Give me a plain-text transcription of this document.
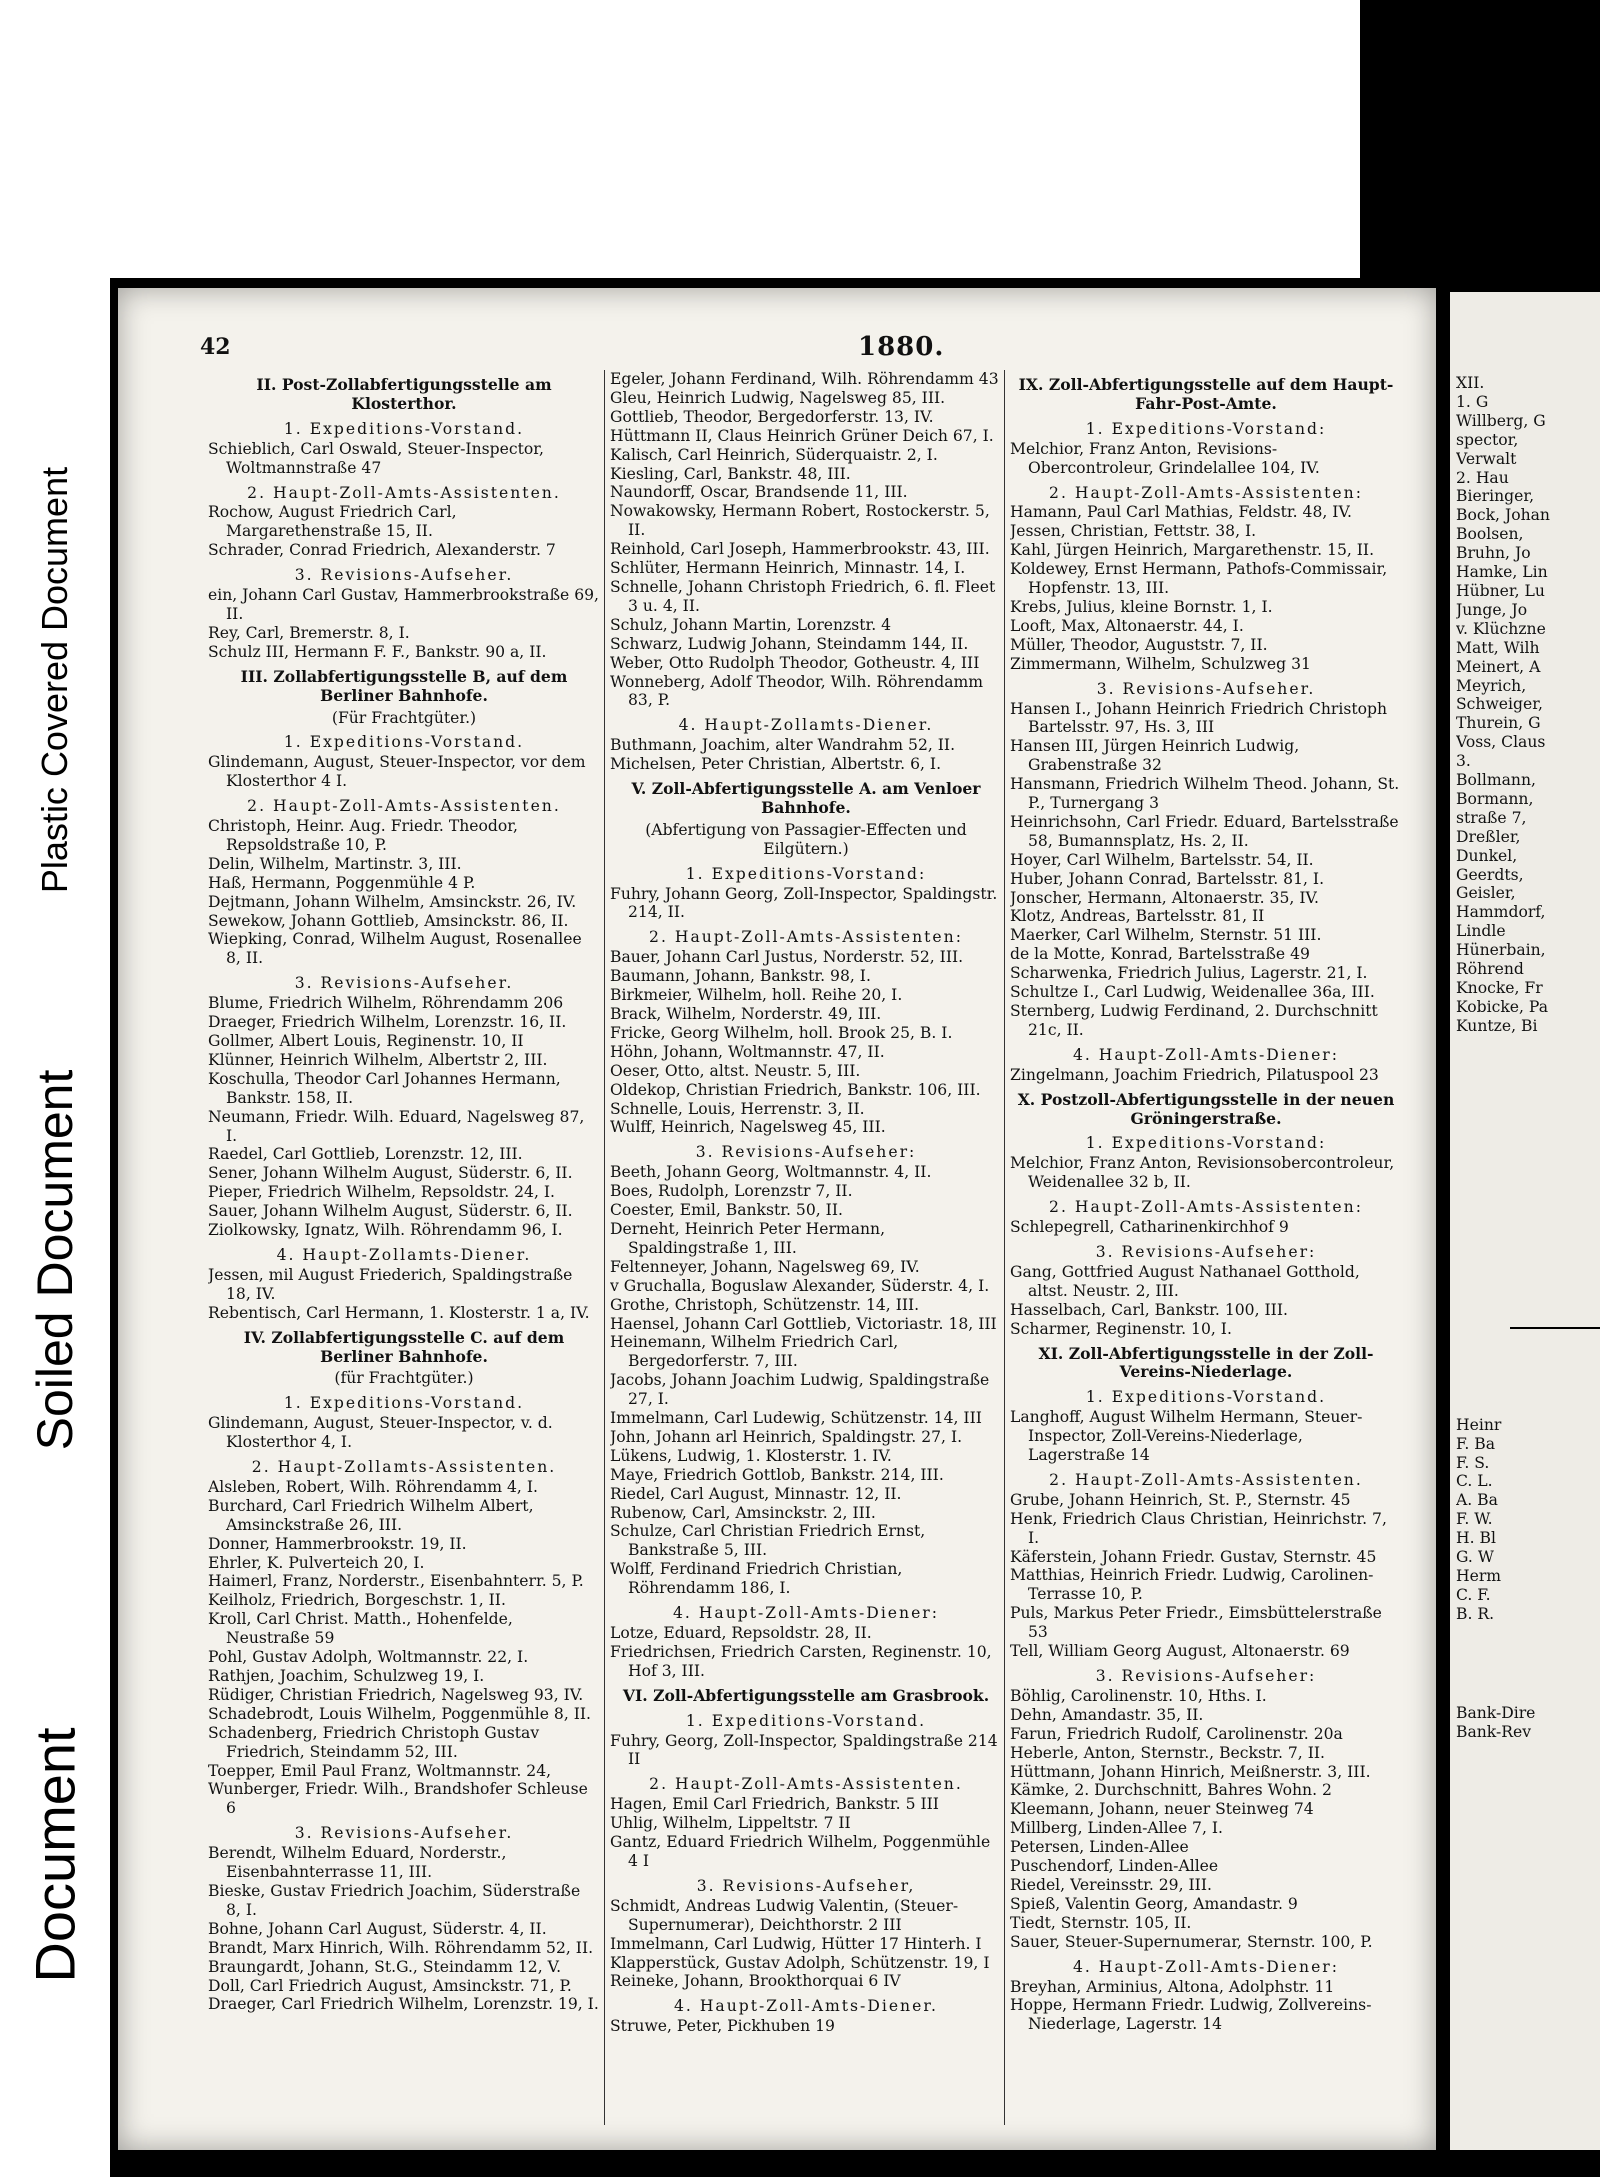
Plastic Covered Document
Soiled Document
Document
42	1880.
II. Post-Zollabfertigungsstelle am Klosterthor.
1. Expeditions-Vorstand.
Schieblich, Carl Oswald, Steuer-Inspector, Woltmannstraße 47
2. Haupt-Zoll-Amts-Assistenten.
Rochow, August Friedrich Carl, Margarethenstraße 15, II.
Schrader, Conrad Friedrich, Alexanderstr. 7
3. Revisions-Aufseher.
ein, Johann Carl Gustav, Hammerbrookstraße 69, II.
Rey, Carl, Bremerstr. 8, I.
Schulz III, Hermann F. F., Bankstr. 90 a, II.
III. Zollabfertigungsstelle B, auf dem Berliner Bahnhofe.
(Für Frachtgüter.)
1. Expeditions-Vorstand.
Glindemann, August, Steuer-Inspector, vor dem Klosterthor 4 I.
2. Haupt-Zoll-Amts-Assistenten.
Christoph, Heinr. Aug. Friedr. Theodor, Repsoldstraße 10, P.
Delin, Wilhelm, Martinstr. 3, III.
Haß, Hermann, Poggenmühle 4 P.
Dejtmann, Johann Wilhelm, Amsinckstr. 26, IV.
Sewekow, Johann Gottlieb, Amsinckstr. 86, II.
Wiepking, Conrad, Wilhelm August, Rosenallee 8, II.
3. Revisions-Aufseher.
Blume, Friedrich Wilhelm, Röhrendamm 206
Draeger, Friedrich Wilhelm, Lorenzstr. 16, II.
Gollmer, Albert Louis, Reginenstr. 10, II
Klünner, Heinrich Wilhelm, Albertstr 2, III.
Koschulla, Theodor Carl Johannes Hermann, Bankstr. 158, II.
Neumann, Friedr. Wilh. Eduard, Nagelsweg 87, I.
Raedel, Carl Gottlieb, Lorenzstr. 12, III.
Sener, Johann Wilhelm August, Süderstr. 6, II.
Pieper, Friedrich Wilhelm, Repsoldstr. 24, I.
Sauer, Johann Wilhelm August, Süderstr. 6, II.
Ziolkowsky, Ignatz, Wilh. Röhrendamm 96, I.
4. Haupt-Zollamts-Diener.
Jessen, mil August Friederich, Spaldingstraße 18, IV.
Rebentisch, Carl Hermann, 1. Klosterstr. 1 a, IV.
IV. Zollabfertigungsstelle C. auf dem Berliner Bahnhofe.
(für Frachtgüter.)
1. Expeditions-Vorstand.
Glindemann, August, Steuer-Inspector, v. d. Klosterthor 4, I.
2. Haupt-Zollamts-Assistenten.
Alsleben, Robert, Wilh. Röhrendamm 4, I.
Burchard, Carl Friedrich Wilhelm Albert, Amsinckstraße 26, III.
Donner, Hammerbrookstr. 19, II.
Ehrler, K. Pulverteich 20, I.
Haimerl, Franz, Norderstr., Eisenbahnterr. 5, P.
Keilholz, Friedrich, Borgeschstr. 1, II.
Kroll, Carl Christ. Matth., Hohenfelde, Neustraße 59
Pohl, Gustav Adolph, Woltmannstr. 22, I.
Rathjen, Joachim, Schulzweg 19, I.
Rüdiger, Christian Friedrich, Nagelsweg 93, IV.
Schadebrodt, Louis Wilhelm, Poggenmühle 8, II.
Schadenberg, Friedrich Christoph Gustav Friedrich, Steindamm 52, III.
Toepper, Emil Paul Franz, Woltmannstr. 24,
Wunberger, Friedr. Wilh., Brandshofer Schleuse 6
3. Revisions-Aufseher.
Berendt, Wilhelm Eduard, Norderstr., Eisenbahnterrasse 11, III.
Bieske, Gustav Friedrich Joachim, Süderstraße 8, I.
Bohne, Johann Carl August, Süderstr. 4, II.
Brandt, Marx Hinrich, Wilh. Röhrendamm 52, II.
Braungardt, Johann, St.G., Steindamm 12, V.
Doll, Carl Friedrich August, Amsinckstr. 71, P.
Draeger, Carl Friedrich Wilhelm, Lorenzstr. 19, I.
Egeler, Johann Ferdinand, Wilh. Röhrendamm 43
Gleu, Heinrich Ludwig, Nagelsweg 85, III.
Gottlieb, Theodor, Bergedorferstr. 13, IV.
Hüttmann II, Claus Heinrich Grüner Deich 67, I.
Kalisch, Carl Heinrich, Süderquaistr. 2, I.
Kiesling, Carl, Bankstr. 48, III.
Naundorff, Oscar, Brandsende 11, III.
Nowakowsky, Hermann Robert, Rostockerstr. 5, II.
Reinhold, Carl Joseph, Hammerbrookstr. 43, III.
Schlüter, Hermann Heinrich, Minnastr. 14, I.
Schnelle, Johann Christoph Friedrich, 6. fl. Fleet 3 u. 4, II.
Schulz, Johann Martin, Lorenzstr. 4
Schwarz, Ludwig Johann, Steindamm 144, II.
Weber, Otto Rudolph Theodor, Gotheustr. 4, III
Wonneberg, Adolf Theodor, Wilh. Röhrendamm 83, P.
4. Haupt-Zollamts-Diener.
Buthmann, Joachim, alter Wandrahm 52, II.
Michelsen, Peter Christian, Albertstr. 6, I.
V. Zoll-Abfertigungsstelle A. am Venloer Bahnhofe.
(Abfertigung von Passagier-Effecten und Eilgütern.)
1. Expeditions-Vorstand:
Fuhry, Johann Georg, Zoll-Inspector, Spaldingstr. 214, II.
2. Haupt-Zoll-Amts-Assistenten:
Bauer, Johann Carl Justus, Norderstr. 52, III.
Baumann, Johann, Bankstr. 98, I.
Birkmeier, Wilhelm, holl. Reihe 20, I.
Brack, Wilhelm, Norderstr. 49, III.
Fricke, Georg Wilhelm, holl. Brook 25, B. I.
Höhn, Johann, Woltmannstr. 47, II.
Oeser, Otto, altst. Neustr. 5, III.
Oldekop, Christian Friedrich, Bankstr. 106, III.
Schnelle, Louis, Herrenstr. 3, II.
Wulff, Heinrich, Nagelsweg 45, III.
3. Revisions-Aufseher:
Beeth, Johann Georg, Woltmannstr. 4, II.
Boes, Rudolph, Lorenzstr 7, II.
Coester, Emil, Bankstr. 50, II.
Derneht, Heinrich Peter Hermann, Spaldingstraße 1, III.
Feltenneyer, Johann, Nagelsweg 69, IV.
v Gruchalla, Boguslaw Alexander, Süderstr. 4, I.
Grothe, Christoph, Schützenstr. 14, III.
Haensel, Johann Carl Gottlieb, Victoriastr. 18, III
Heinemann, Wilhelm Friedrich Carl, Bergedorferstr. 7, III.
Jacobs, Johann Joachim Ludwig, Spaldingstraße 27, I.
Immelmann, Carl Ludewig, Schützenstr. 14, III
John, Johann arl Heinrich, Spaldingstr. 27, I.
Lükens, Ludwig, 1. Klosterstr. 1. IV.
Maye, Friedrich Gottlob, Bankstr. 214, III.
Riedel, Carl August, Minnastr. 12, II.
Rubenow, Carl, Amsinckstr. 2, III.
Schulze, Carl Christian Friedrich Ernst, Bankstraße 5, III.
Wolff, Ferdinand Friedrich Christian, Röhrendamm 186, I.
4. Haupt-Zoll-Amts-Diener:
Lotze, Eduard, Repsoldstr. 28, II.
Friedrichsen, Friedrich Carsten, Reginenstr. 10, Hof 3, III.
VI. Zoll-Abfertigungsstelle am Grasbrook.
1. Expeditions-Vorstand.
Fuhry, Georg, Zoll-Inspector, Spaldingstraße 214 II
2. Haupt-Zoll-Amts-Assistenten.
Hagen, Emil Carl Friedrich, Bankstr. 5 III
Uhlig, Wilhelm, Lippeltstr. 7 II
Gantz, Eduard Friedrich Wilhelm, Poggenmühle 4 I
3. Revisions-Aufseher,
Schmidt, Andreas Ludwig Valentin, (Steuer-Supernumerar), Deichthorstr. 2 III
Immelmann, Carl Ludwig, Hütter 17 Hinterh. I
Klapperstück, Gustav Adolph, Schützenstr. 19, I
Reineke, Johann, Brookthorquai 6 IV
4. Haupt-Zoll-Amts-Diener.
Struwe, Peter, Pickhuben 19
IX. Zoll-Abfertigungsstelle auf dem Haupt-Fahr-Post-Amte.
1. Expeditions-Vorstand:
Melchior, Franz Anton, Revisions-Obercontroleur, Grindelallee 104, IV.
2. Haupt-Zoll-Amts-Assistenten:
Hamann, Paul Carl Mathias, Feldstr. 48, IV.
Jessen, Christian, Fettstr. 38, I.
Kahl, Jürgen Heinrich, Margarethenstr. 15, II.
Koldewey, Ernst Hermann, Pathofs-Commissair, Hopfenstr. 13, III.
Krebs, Julius, kleine Bornstr. 1, I.
Looft, Max, Altonaerstr. 44, I.
Müller, Theodor, Auguststr. 7, II.
Zimmermann, Wilhelm, Schulzweg 31
3. Revisions-Aufseher.
Hansen I., Johann Heinrich Friedrich Christoph Bartelsstr. 97, Hs. 3, III
Hansen III, Jürgen Heinrich Ludwig, Grabenstraße 32
Hansmann, Friedrich Wilhelm Theod. Johann, St. P., Turnergang 3
Heinrichsohn, Carl Friedr. Eduard, Bartelsstraße 58, Bumannsplatz, Hs. 2, II.
Hoyer, Carl Wilhelm, Bartelsstr. 54, II.
Huber, Johann Conrad, Bartelsstr. 81, I.
Jonscher, Hermann, Altonaerstr. 35, IV.
Klotz, Andreas, Bartelsstr. 81, II
Maerker, Carl Wilhelm, Sternstr. 51 III.
de la Motte, Konrad, Bartelsstraße 49
Scharwenka, Friedrich Julius, Lagerstr. 21, I.
Schultze I., Carl Ludwig, Weidenallee 36a, III.
Sternberg, Ludwig Ferdinand, 2. Durchschnitt 21c, II.
4. Haupt-Zoll-Amts-Diener:
Zingelmann, Joachim Friedrich, Pilatuspool 23
X. Postzoll-Abfertigungsstelle in der neuen Gröningerstraße.
1. Expeditions-Vorstand:
Melchior, Franz Anton, Revisionsobercontroleur, Weidenallee 32 b, II.
2. Haupt-Zoll-Amts-Assistenten:
Schlepegrell, Catharinenkirchhof 9
3. Revisions-Aufseher:
Gang, Gottfried August Nathanael Gotthold, altst. Neustr. 2, III.
Hasselbach, Carl, Bankstr. 100, III.
Scharmer, Reginenstr. 10, I.
XI. Zoll-Abfertigungsstelle in der Zoll-Vereins-Niederlage.
1. Expeditions-Vorstand.
Langhoff, August Wilhelm Hermann, Steuer-Inspector, Zoll-Vereins-Niederlage, Lagerstraße 14
2. Haupt-Zoll-Amts-Assistenten.
Grube, Johann Heinrich, St. P., Sternstr. 45
Henk, Friedrich Claus Christian, Heinrichstr. 7, I.
Käferstein, Johann Friedr. Gustav, Sternstr. 45
Matthias, Heinrich Friedr. Ludwig, Carolinen-Terrasse 10, P.
Puls, Markus Peter Friedr., Eimsbüttelerstraße 53
Tell, William Georg August, Altonaerstr. 69
3. Revisions-Aufseher:
Böhlig, Carolinenstr. 10, Hths. I.
Dehn, Amandastr. 35, II.
Farun, Friedrich Rudolf, Carolinenstr. 20a
Heberle, Anton, Sternstr., Beckstr. 7, II.
Hüttmann, Johann Hinrich, Meißnerstr. 3, III.
Kämke, 2. Durchschnitt, Bahres Wohn. 2
Kleemann, Johann, neuer Steinweg 74
Millberg, Linden-Allee 7, I.
Petersen, Linden-Allee
Puschendorf, Linden-Allee
Riedel, Vereinsstr. 29, III.
Spieß, Valentin Georg, Amandastr. 9
Tiedt, Sternstr. 105, II.
Sauer, Steuer-Supernumerar, Sternstr. 100, P.
4. Haupt-Zoll-Amts-Diener:
Breyhan, Arminius, Altona, Adolphstr. 11
Hoppe, Hermann Friedr. Ludwig, Zollvereins-Niederlage, Lagerstr. 14
XII.
1. G
Willberg, G
spector,
Verwalt
2. Hau
Bieringer,
Bock, Johan
Boolsen,
Bruhn, Jo
Hamke, Lin
Hübner, Lu
Junge, Jo
v. Klüchzne
Matt, Wilh
Meinert, A
Meyrich,
Schweiger,
Thurein, G
Voss, Claus
3.
Bollmann,
Bormann,
straße 7,
Dreßler,
Dunkel,
Geerdts,
Geisler,
Hammdorf,
Lindle
Hünerbain,
Röhrend
Knocke, Fr
Kobicke, Pa
Kuntze, Bi
Heinr
F. Ba
F. S.
C. L.
A. Ba
F. W.
H. Bl
G. W
Herm
C. F.
B. R.
Bank-Dire
Bank-Rev
